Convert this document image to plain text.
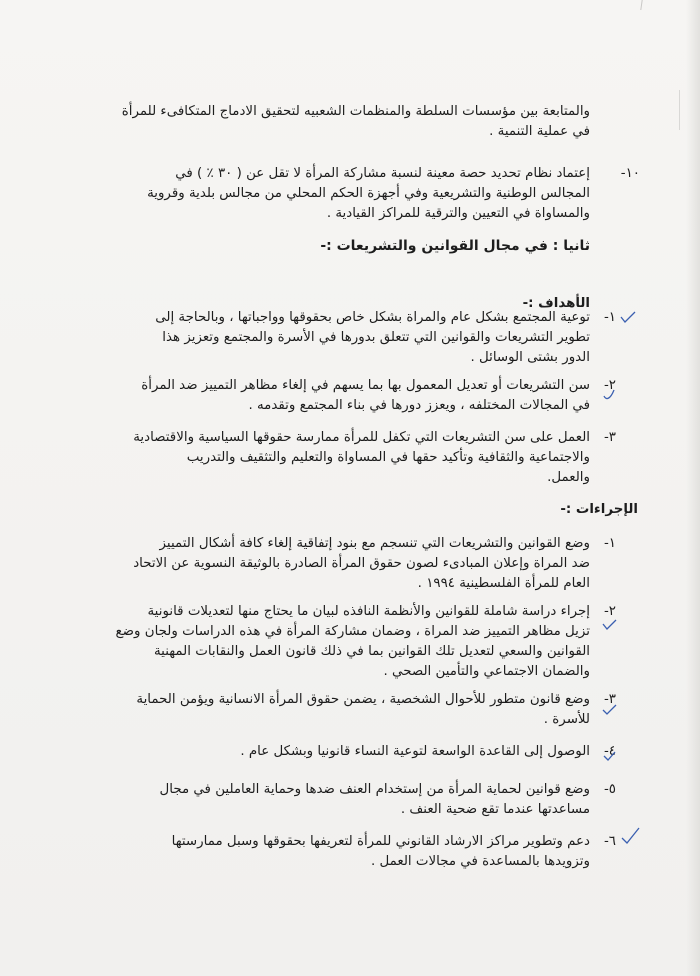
والمتابعة بين مؤسسات السلطة والمنظمات الشعبيه لتحقيق الادماج المتكافىء للمرأة
في عملية التنمية .
١٠-
إعتماد نظام تحديد حصة معينة لنسبة مشاركة المرأة لا تقل عن ( ٣٠ ٪ ) في
المجالس الوطنية والتشريعية وفي أجهزة الحكم المحلي من مجالس بلدية وقروية
والمساواة في التعيين والترقية للمراكز القيادية .
ثانيا : في مجال القوانين والتشريعات :-
الأهداف :-
١-
توعية المجتمع بشكل عام والمراة بشكل خاص بحقوقها وواجباتها ، وبالحاجة إلى
تطوير التشريعات والقوانين التي تتعلق بدورها في الأسرة والمجتمع وتعزيز هذا
الدور بشتى الوسائل .
٢-
سن التشريعات أو تعديل المعمول بها بما يسهم في إلغاء مظاهر التمييز ضد المرأة
في المجالات المختلفه ، ويعزز دورها في بناء المجتمع وتقدمه .
٣-
العمل على سن التشريعات التي تكفل للمرأة ممارسة حقوقها السياسية والاقتصادية
والاجتماعية والثقافية وتأكيد حقها في المساواة والتعليم والتثقيف والتدريب
والعمل.
الإجراءات :-
١-
وضع القوانين والتشريعات التي تنسجم مع بنود إتفاقية إلغاء كافة أشكال التمييز
ضد المراة وإعلان المبادىء لصون حقوق المرأة الصادرة بالوثيقة النسوية عن الاتحاد
العام للمرأة الفلسطينية ١٩٩٤ .
٢-
إجراء دراسة شاملة للقوانين والأنظمة النافذه لبيان ما يحتاج منها لتعديلات قانونية
تزيل مظاهر التمييز ضد المراة ، وضمان مشاركة المرأة في هذه الدراسات ولجان وضع
القوانين والسعي لتعديل تلك القوانين بما في ذلك قانون العمل والنقابات المهنية
والضمان الاجتماعي والتأمين الصحي .
٣-
وضع قانون متطور للأحوال الشخصية ، يضمن حقوق المرأة الانسانية ويؤمن الحماية
للأسرة .
٤-
الوصول إلى القاعدة الواسعة لتوعية النساء قانونيا وبشكل عام .
٥-
وضع قوانين لحماية المرأة من إستخدام العنف ضدها وحماية العاملين في مجال
مساعدتها عندما تقع ضحية العنف .
٦-
دعم وتطوير مراكز الارشاد القانوني للمرأة لتعريفها بحقوقها وسبل ممارستها
وتزويدها بالمساعدة في مجالات العمل .
